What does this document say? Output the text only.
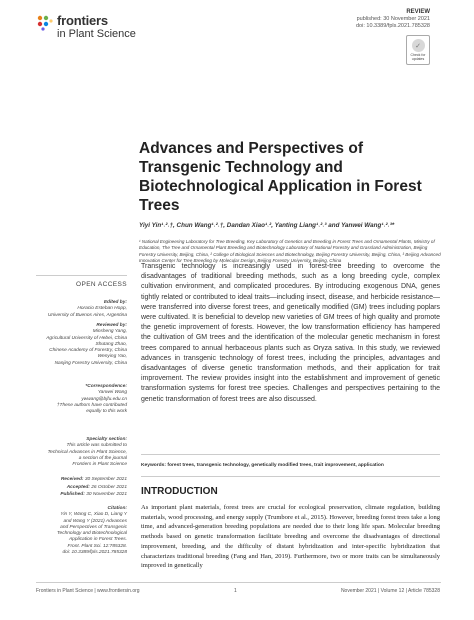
frontiers
in Plant Science
REVIEW
published: 30 November 2021
doi: 10.3389/fpls.2021.785328
✓
Check for updates
Advances and Perspectives of Transgenic Technology and Biotechnological Application in Forest Trees
Yiyi Yin¹˒²˒†, Chun Wang¹˒²˒†, Dandan Xiao¹˒², Yanting Liang¹˒²˒³ and Yanwei Wang¹˒²˒³*
¹ National Engineering Laboratory for Tree Breeding, Key Laboratory of Genetics and Breeding in Forest Trees and Ornamental Plants, Ministry of Education, The Tree and Ornamental Plant Breeding and Biotechnology Laboratory of National Forestry and Grassland Administration, Beijing Forestry University, Beijing, China, ² College of Biological Sciences and Biotechnology, Beijing Forestry University, Beijing, China, ³ Beijing Advanced Innovation Center for Tree Breeding by Molecular Design, Beijing Forestry University, Beijing, China
OPEN ACCESS
Edited by:
Horacio Esteban Hopp,
University of Buenos Aires, Argentina
Reviewed by:
Minsheng Yang,
Agricultural University of Hebei, China
Shutang Zhao,
Chinese Academy of Forestry, China
Wenying Yao,
Nanjing Forestry University, China
*Correspondence:
Yanwei Wang
ywwang@bjfu.edu.cn
†These authors have contributed
equally to this work
Specialty section:
This article was submitted to
Technical Advances in Plant Science,
a section of the journal
Frontiers in Plant Science
Received: 30 September 2021
Accepted: 26 October 2021
Published: 30 November 2021
Citation:
Yin Y, Wang C, Xiao D, Liang Y
and Wang Y (2021) Advances
and Perspectives of Transgenic
Technology and Biotechnological
Application in Forest Trees.
Front. Plant Sci. 12:785328.
doi: 10.3389/fpls.2021.785328
Transgenic technology is increasingly used in forest-tree breeding to overcome the disadvantages of traditional breeding methods, such as a long breeding cycle, complex cultivation environment, and complicated procedures. By introducing exogenous DNA, genes tightly related or contributed to ideal traits—including insect, disease, and herbicide resistance—were transferred into diverse forest trees, and genetically modified (GM) trees including poplars were cultivated. It is beneficial to develop new varieties of GM trees of high quality and promote the genetic improvement of forests. However, the low transformation efficiency has hampered the cultivation of GM trees and the identification of the molecular genetic mechanism in forest trees compared to annual herbaceous plants such as Oryza sativa. In this study, we reviewed advances in transgenic technology of forest trees, including the principles, advantages and disadvantages of diverse genetic transformation methods, and their application for trait improvement. The review provides insight into the establishment and improvement of genetic transformation systems for forest tree species. Challenges and perspectives pertaining to the genetic transformation of forest trees are also discussed.
Keywords: forest trees, transgenic technology, genetically modified trees, trait improvement, application
INTRODUCTION
As important plant materials, forest trees are crucial for ecological preservation, climate regulation, building materials, wood processing, and energy supply (Trumbore et al., 2015). However, breeding forest trees take a long time, and advanced-generation breeding populations are needed due to their long life span. Molecular breeding methods based on genetic transformation facilitate breeding and overcome the disadvantages of directional improvement, breeding, and the difficulty of distant hybridization and inter-specific hybridization that characterizes traditional breeding (Fang and Han, 2019). Furthermore, two or more traits can be simultaneously improved in genetically
Frontiers in Plant Science | www.frontiersin.org	1	November 2021 | Volume 12 | Article 785328
